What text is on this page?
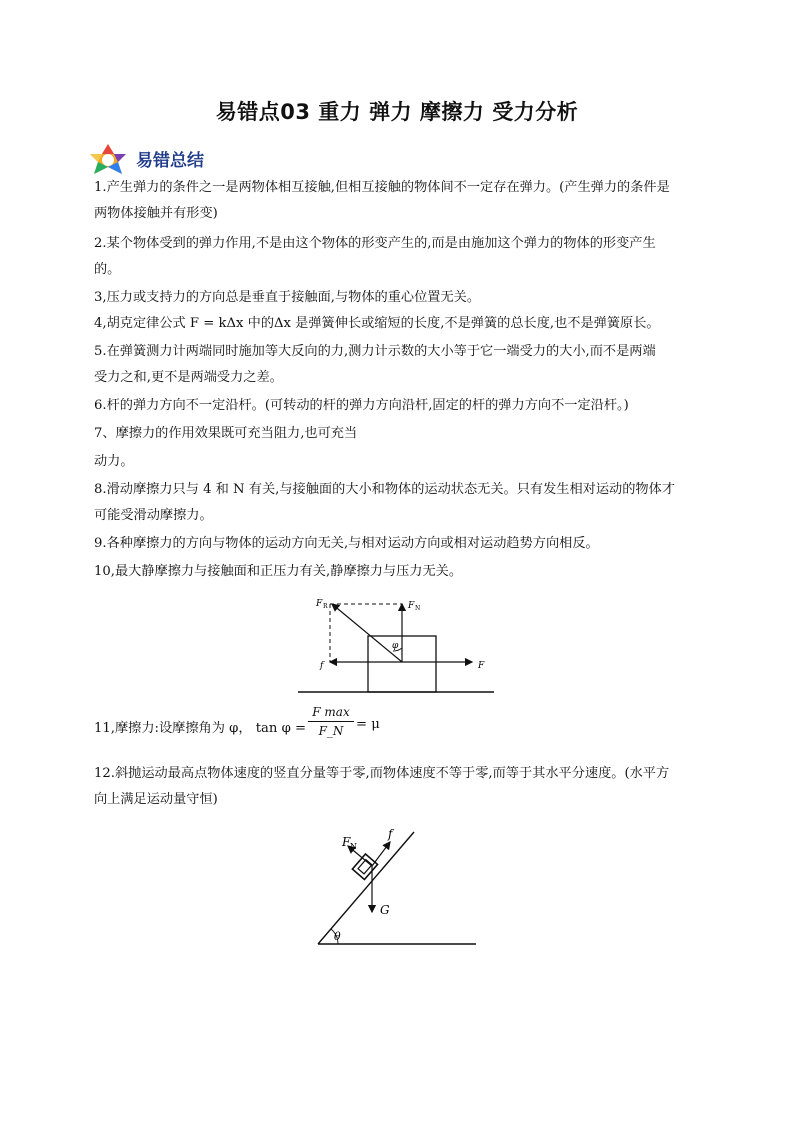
易错点03 重力 弹力 摩擦力 受力分析
易错总结
1.产生弹力的条件之一是两物体相互接触,但相互接触的物体间不一定存在弹力。(产生弹力的条件是
两物体接触并有形变)
2.某个物体受到的弹力作用,不是由这个物体的形变产生的,而是由施加这个弹力的物体的形变产生
的。
3,压力或支持力的方向总是垂直于接触面,与物体的重心位置无关。
4,胡克定律公式 F = kΔx 中的Δx 是弹簧伸长或缩短的长度,不是弹簧的总长度,也不是弹簧原长。
5.在弹簧测力计两端同时施加等大反向的力,测力计示数的大小等于它一端受力的大小,而不是两端
受力之和,更不是两端受力之差。
6.杆的弹力方向不一定沿杆。(可转动的杆的弹力方向沿杆,固定的杆的弹力方向不一定沿杆。)
7、摩擦力的作用效果既可充当阻力,也可充当
动力。
8.滑动摩擦力只与 4 和 N 有关,与接触面的大小和物体的运动状态无关。只有发生相对运动的物体才
可能受滑动摩擦力。
9.各种摩擦力的方向与物体的运动方向无关,与相对运动方向或相对运动趋势方向相反。
10,最大静摩擦力与接触面和正压力有关,静摩擦力与压力无关。
F R	F N
f	F
φ
11,摩擦力:设摩擦角为 φ， tan φ =
F max
F_N = μ
12.斜抛运动最高点物体速度的竖直分量等于零,而物体速度不等于零,而等于其水平分速度。(水平方
向上满足运动量守恒)
F N
f
G
θ
